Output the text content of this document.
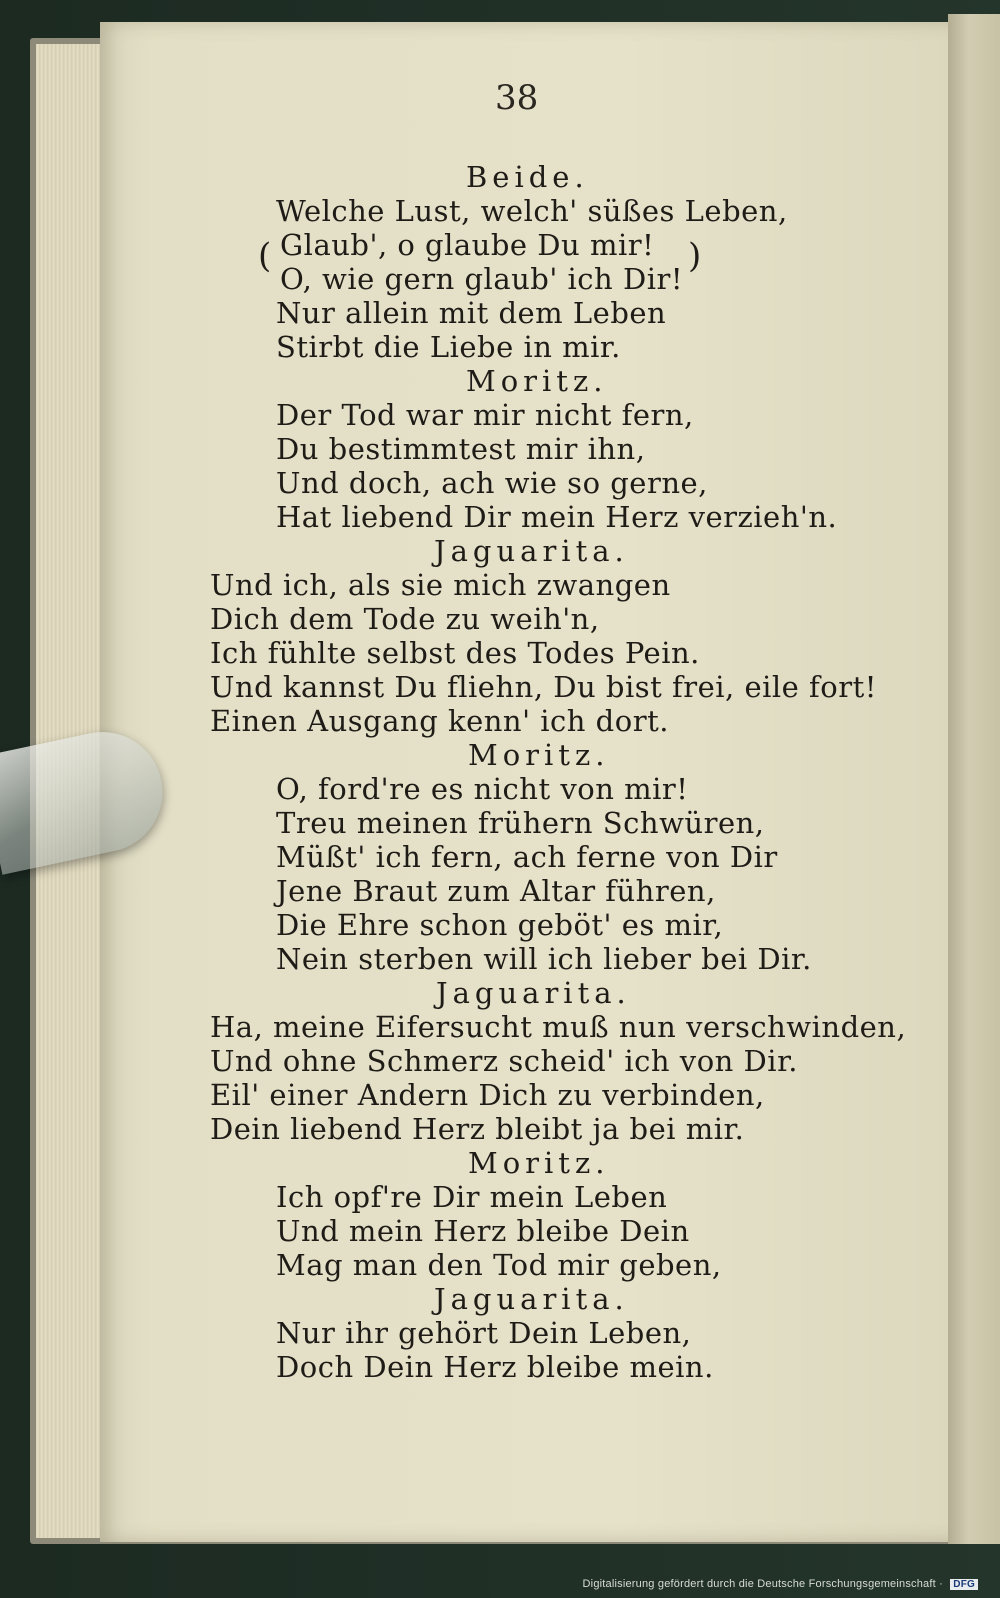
38
Beide.
Welche Lust, welch' süßes Leben,
Glaub', o glaube Du mir!
O, wie gern glaub' ich Dir!
Nur allein mit dem Leben
Stirbt die Liebe in mir.
Moritz.
Der Tod war mir nicht fern,
Du bestimmtest mir ihn,
Und doch, ach wie so gerne,
Hat liebend Dir mein Herz verzieh'n.
Jaguarita.
Und ich, als sie mich zwangen
Dich dem Tode zu weih'n,
Ich fühlte selbst des Todes Pein.
Und kannst Du fliehn, Du bist frei, eile fort!
Einen Ausgang kenn' ich dort.
Moritz.
O, ford're es nicht von mir!
Treu meinen frühern Schwüren,
Müßt' ich fern, ach ferne von Dir
Jene Braut zum Altar führen,
Die Ehre schon geböt' es mir,
Nein sterben will ich lieber bei Dir.
Jaguarita.
Ha, meine Eifersucht muß nun verschwinden,
Und ohne Schmerz scheid' ich von Dir.
Eil' einer Andern Dich zu verbinden,
Dein liebend Herz bleibt ja bei mir.
Moritz.
Ich opf're Dir mein Leben
Und mein Herz bleibe Dein
Mag man den Tod mir geben,
Jaguarita.
Nur ihr gehört Dein Leben,
Doch Dein Herz bleibe mein.
(	)
Digitalisierung gefördert durch die Deutsche Forschungsgemeinschaft · DFG
